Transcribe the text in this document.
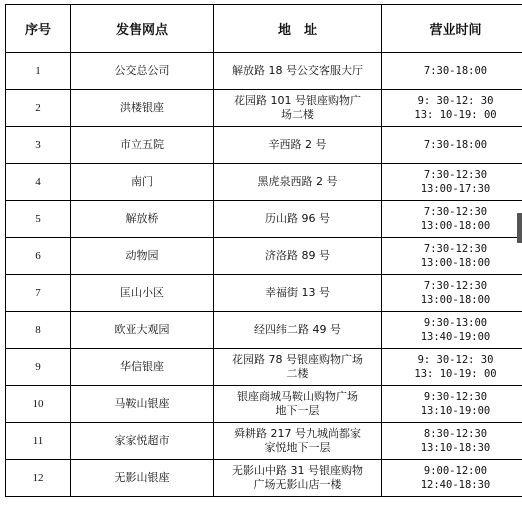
序号	发售网点	地　址	营业时间
1	公交总公司	解放路 18 号公交客服大厅	7:30-18:00

2	洪楼银座	花园路 101 号银座购物广
场二楼	9: 30-12: 30
13: 10-19: 00

3	市立五院	辛西路 2 号	7:30-18:00

4	南门	黑虎泉西路 2 号	7:30-12:30
13:00-17:30

5	解放桥	历山路 96 号	7:30-12:30
13:00-18:00

6	动物园	济洛路 89 号	7:30-12:30
13:00-18:00

7	匡山小区	幸福街 13 号	7:30-12:30
13:00-18:00

8	欧亚大观园	经四纬二路 49 号	9:30-13:00
13:40-19:00

9	华信银座	花园路 78 号银座购物广场
二楼	9: 30-12: 30
13: 10-19: 00

10	马鞍山银座	银座商城马鞍山购物广场
地下一层	9:30-12:30
13:10-19:00

11	家家悦超市	舜耕路 217 号九城尚都家
家悦地下一层	8:30-12:30
13:10-18:30

12	无影山银座	无影山中路 31 号银座购物
广场无影山店一楼	9:00-12:00
12:40-18:30
